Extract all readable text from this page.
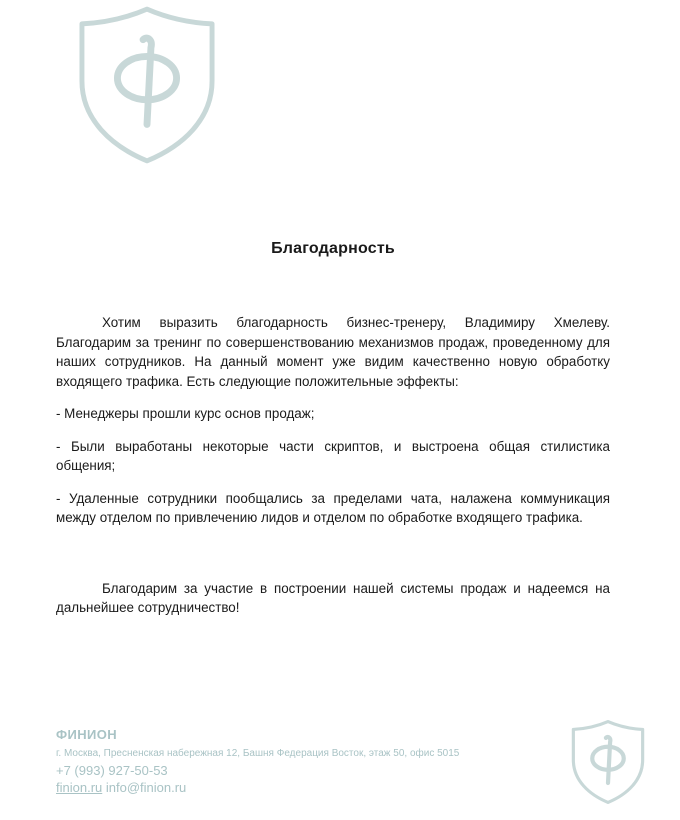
Благодарность

Хотим выразить благодарность бизнес-тренеру, Владимиру Хмелеву. Благодарим за тренинг по совершенствованию механизмов продаж, проведенному для наших сотрудников. На данный момент уже видим качественно новую обработку входящего трафика. Есть следующие положительные эффекты:

- Менеджеры прошли курс основ продаж;

- Были выработаны некоторые части скриптов, и выстроена общая стилистика общения;

- Удаленные сотрудники пообщались за пределами чата, налажена коммуникация между отделом по привлечению лидов и отделом по обработке входящего трафика.

Благодарим за участие в построении нашей системы продаж и надеемся на дальнейшее сотрудничество!

ФИНИОН
г. Москва, Пресненская набережная 12, Башня Федерация Восток, этаж 50, офис 5015
+7 (993) 927-50-53
finion.ru info@finion.ru
